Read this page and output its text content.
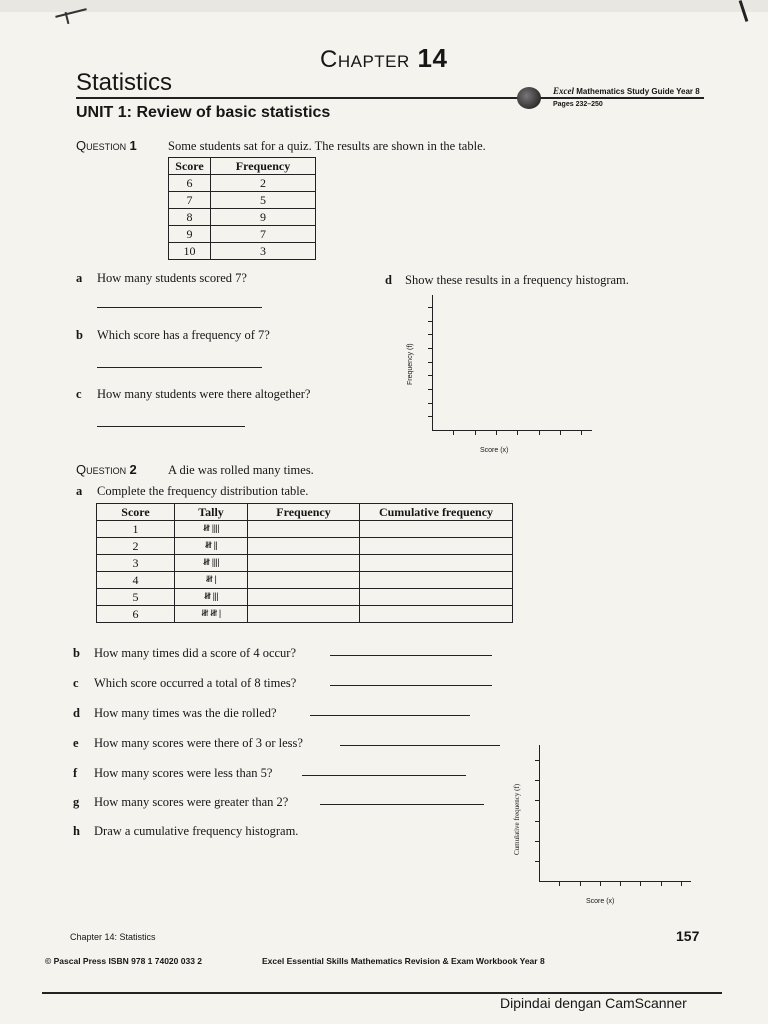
Chapter 14
Statistics
UNIT 1: Review of basic statistics
Excel Mathematics Study Guide Year 8
Pages 232–250
Question 1	Some students sat for a quiz. The results are shown in the table.
Score	Frequency
6	2
7	5
8	9
9	7
10	3
a How many students scored 7?
b Which score has a frequency of 7?
c How many students were there altogether?
d Show these results in a frequency histogram.
Frequency (f)
Score (x)
Question 2	A die was rolled many times.
a Complete the frequency distribution table.
Score	Tally	Frequency	Cumulative frequency
1	𝍸 ||||		
2	𝍸 ||		
3	𝍸 ||||		
4	𝍸 |		
5	𝍸 |||		
6	𝍸 𝍸 |		
b How many times did a score of 4 occur?
c Which score occurred a total of 8 times?
d How many times was the die rolled?
e How many scores were there of 3 or less?
f How many scores were less than 5?
g How many scores were greater than 2?
h Draw a cumulative frequency histogram.	Cumulative frequency (f)
Score (x)
Chapter 14: Statistics	157
© Pascal Press ISBN 978 1 74020 033 2	Excel Essential Skills Mathematics Revision & Exam Workbook Year 8
Dipindai dengan CamScanner
